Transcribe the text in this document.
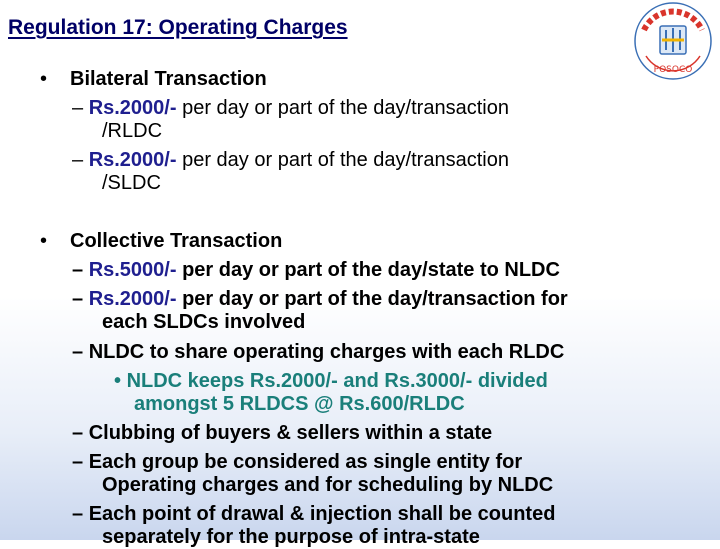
Regulation 17: Operating Charges
POSOCO
• Bilateral Transaction
– Rs.2000/- per day or part of the day/transaction
/RLDC
– Rs.2000/- per day or part of the day/transaction
/SLDC
• Collective Transaction
– Rs.5000/- per day or part of the day/state to NLDC
– Rs.2000/- per day or part of the day/transaction for
each SLDCs involved
– NLDC to share operating charges with each RLDC
• NLDC keeps Rs.2000/- and Rs.3000/- divided
amongst 5 RLDCS @ Rs.600/RLDC
– Clubbing of buyers & sellers within a state
– Each group be considered as single entity for
Operating charges and for scheduling by NLDC
– Each point of drawal & injection shall be counted
separately for the purpose of intra-state
